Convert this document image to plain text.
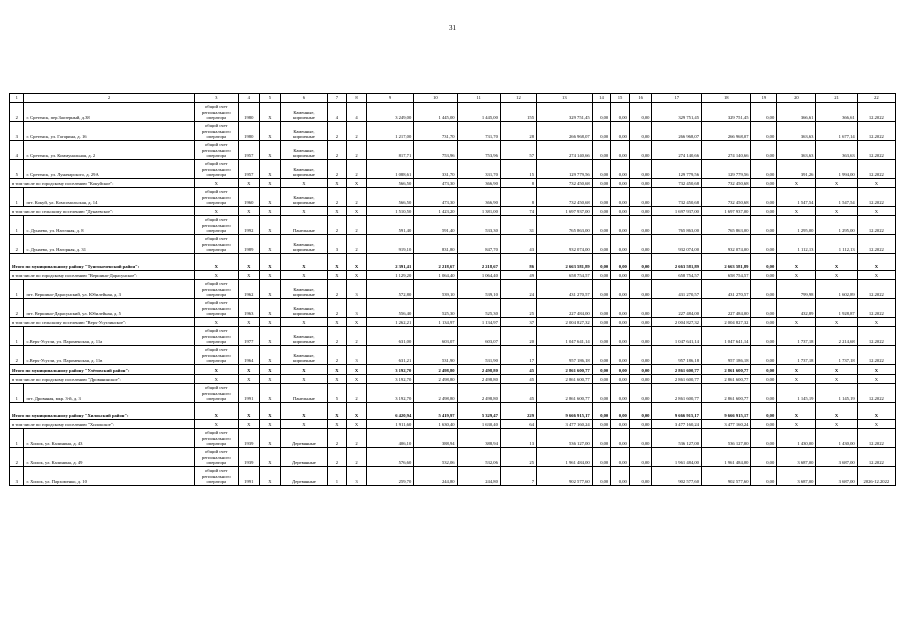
31
1	2	3	4	5	6	7	8	9	10	11	12	13	14	15	16	17	18	19	20	21	22
2	г. Сретенск, пер.Заозерный, д.38	общий счет регионального оператора	1980	Х	Каменные, кирпичные	4	4	3 249,00	1 445,00	1 445,00	155	329 751,45	0,00	0,00	0,00	329 751,45	329 751,45	0,00	366,61	366,61	12.2022
3	г. Сретенск, ул. Гагарина, д. 16	общий счет регионального оператора	1980	Х	Каменные, кирпичные	2	2	1 217,00	731,70	731,70	28	266 968,07	0,00	0,00	0,00	266 968,07	266 968,07	0,00	363,63	1 677,14	12.2022
4	г. Сретенск, ул. Коммунальная, д. 2	общий счет регионального оператора	1957	Х	Каменные, кирпичные	2	2	817,71	753,96	753,96	57	274 140,66	0,00	0,00	0,00	274 140,66	274 140,66	0,00	363,63	363,63	12.2022
5	г. Сретенск, ул. Луначарского, д. 29А	общий счет регионального оператора	1957	Х	Каменные, кирпичные	2	2	1 088,61	331,70	331,70	15	129 779,56	0,00	0,00	0,00	129 779,56	129 779,56	0,00	391,26	1 994,00	12.2022
в том числе по городскому поселению "Кокуйское":		Х	Х	Х	Х	Х	Х	566,50	473,30	366,90	8	732 450,68	0,00	0,00	0,00	732 450,68	732 450,68	0,00	Х	Х	Х
1	пгт. Кокуй, ул. Комсомольская, д. 14	общий счет регионального оператора	1960	Х	Каменные, кирпичные	2	2	566,50	473,30	366,90	8	732 450,68	0,00	0,00	0,00	732 450,68	732 450,68	0,00	1 547,54	1 547,54	12.2022
в том числе по сельскому поселению "Дунаевское":		Х	Х	Х	Х	Х	Х	1 510,50	1 423,20	1 381,00	74	1 697 937,00	0,00	0,00	0,00	1 697 937,00	1 697 937,00	0,00	Х	Х	Х
1	с. Дунаево, ул. Нагочная, д. 8	общий счет регионального оператора	1992	Х	Панельные	2	2	591,40	591,40	533,30	31	765 863,00	0,00	0,00	0,00	765 863,00	765 863,00	0,00	1 295,00	1 295,00	12.2022
2	с. Дунаево, ул. Нагорная, д. 31	общий счет регионального оператора	1989	Х	Каменные, кирпичные	3	2	919,10	831,80	847,70	43	932 074,00	0,00	0,00	0,00	932 074,00	932 074,00	0,00	1 112,13	1 112,13	12.2022
Итого по муниципальному району "Тунгокоченский район":		Х	Х	Х	Х	Х	Х	2 391,41	2 218,67	2 218,67	86	2 663 581,89	0,00	0,00	0,00	2 663 581,89	2 663 581,89	0,00	Х	Х	Х
в том числе по городскому поселению "Вершино-Дарасунское":		Х	Х	Х	Х	Х	Х	1 129,20	1 064,40	1 064,40	49	658 754,57	0,00	0,00	0,00	658 754,57	658 754,57	0,00	Х	Х	Х
1	пгт. Вершино-Дарасунский, ул. Юбилейная, д. 3	общий счет регионального оператора	1962	Х	Каменные, кирпичные	2	3	572,80	539,10	539,10	24	431 270,57	0,00	0,00	0,00	431 270,57	431 270,57	0,00	799,98	1 602,89	12.2022
2	пгт. Вершино-Дарасунский, ул. Юбилейная, д. 5	общий счет регионального оператора	1963	Х	Каменные, кирпичные	2	3	556,40	525,30	525,30	25	227 484,00	0,00	0,00	0,00	227 484,00	227 484,00	0,00	432,89	1 928,87	12.2022
в том числе по сельскому поселению "Верх-Усуглинское":		Х	Х	Х	Х	Х	Х	1 262,21	1 134,97	1 134,97	37	2 004 827,32	0,00	0,00	0,00	2 004 827,32	2 004 827,32	0,00	Х	Х	Х
1	с.Верх-Усугли, ул. Пароменская, д. 11а	общий счет регионального оператора	1977	Х	Каменные, кирпичные	2	2	631,00	603,07	603,07	20	1 047 641,14	0,00	0,00	0,00	1 047 641,14	1 047 641,14	0,00	1 737,18	2 214,68	12.2022
2	с.Верх-Усугли, ул. Пароменская, д. 11в	общий счет регионального оператора	1964	Х	Каменные, кирпичные	2	3	631,21	531,90	531,90	17	957 186,18	0,00	0,00	0,00	957 186,18	957 186,18	0,00	1 737,18	1 737,18	12.2022
Итого по муниципальному району "Улётовский район":		Х	Х	Х	Х	Х	Х	3 192,70	2 498,80	2 498,80	45	2 861 600,77	0,00	0,00	0,00	2 861 600,77	2 861 600,77	0,00	Х	Х	Х
в том числе по городскому поселению "Дровянинское":		Х	Х	Х	Х	Х	Х	3 192,70	2 498,80	2 498,80	45	2 861 600,77	0,00	0,00	0,00	2 861 600,77	2 861 600,77	0,00	Х	Х	Х
1	пгт. Дровяная, мкр. 3-й, д. 3	общий счет регионального оператора	1991	Х	Панельные	5	2	3 192,70	2 498,80	2 498,80	45	2 861 600,77	0,00	0,00	0,00	2 861 600,77	2 861 600,77	0,00	1 145,19	1 145,19	12.2022
Итого по муниципальному району "Хилокский район":		Х	Х	Х	Х	Х	Х	6 420,94	5 419,97	5 329,47	229	9 666 915,17	0,00	0,00	0,00	9 666 915,17	9 666 915,17	0,00	Х	Х	Х
в том числе по городскому поселению "Хилокское":		Х	Х	Х	Х	Х	Х	1 911,60	1 630,40	1 630,40	64	3 477 160,24	0,00	0,00	0,00	3 477 160,24	3 477 160,24	0,00	Х	Х	Х
1	г. Хилок, ул. Калинина, д. 43	общий счет регионального оператора	1939	Х	Деревянные	2	2	406,10	388,94	388,94	13	536 127,00	0,00	0,00	0,00	536 127,00	536 127,00	0,00	1 430,00	1 430,00	12.2022
2	г. Хилок, ул. Калинина, д. 49	общий счет регионального оператора	1939	Х	Деревянные	2	2	576,60	532,06	532,06	25	1 961 484,00	0,00	0,00	0,00	1 961 484,00	1 961 484,00	0,00	3 687,00	3 687,00	12.2022
3	г. Хилок, ул. Пархоменко, д. 10	общий счет регионального оператора	1991	Х	Деревянные	1	3	259,70	244,80	244,80	7	902 577,60	0,00	0,00	0,00	902 577,60	902 577,60	0,00	3 687,00	3 687,00	2026-12.2022
